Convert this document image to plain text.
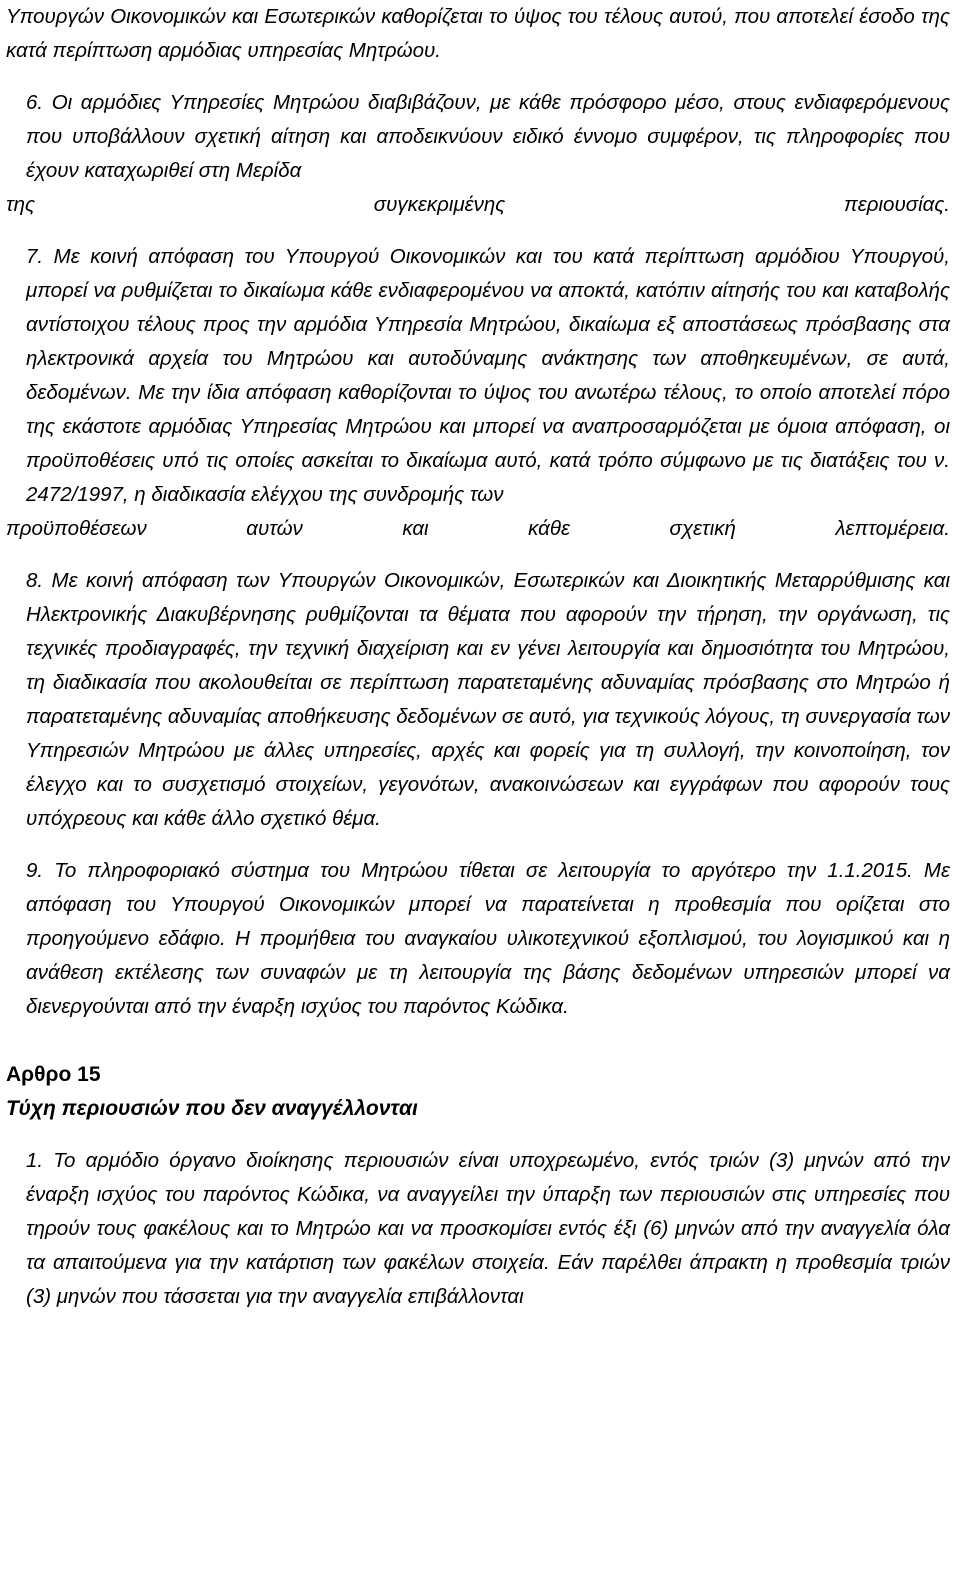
Υπουργών Οικονομικών και Εσωτερικών καθορίζεται το ύψος του τέλους αυτού, που αποτελεί έσοδο της κατά περίπτωση αρμόδιας υπηρεσίας Μητρώου.

6. Οι αρμόδιες Υπηρεσίες Μητρώου διαβιβάζουν, με κάθε πρόσφορο μέσο, στους ενδιαφερόμενους που υποβάλλουν σχετική αίτηση και αποδεικνύουν ειδικό έννομο συμφέρον, τις πληροφορίες που έχουν καταχωριθεί στη Μερίδα

της συγκεκριμένης περιουσίας.

7. Με κοινή απόφαση του Υπουργού Οικονομικών και του κατά περίπτωση αρμόδιου Υπουργού, μπορεί να ρυθμίζεται το δικαίωμα κάθε ενδιαφερομένου να αποκτά, κατόπιν αίτησής του και καταβολής αντίστοιχου τέλους προς την αρμόδια Υπηρεσία Μητρώου, δικαίωμα εξ αποστάσεως πρόσβασης στα ηλεκτρονικά αρχεία του Μητρώου και αυτοδύναμης ανάκτησης των αποθηκευμένων, σε αυτά, δεδομένων. Με την ίδια απόφαση καθορίζονται το ύψος του ανωτέρω τέλους, το οποίο αποτελεί πόρο της εκάστοτε αρμόδιας Υπηρεσίας Μητρώου και μπορεί να αναπροσαρμόζεται με όμοια απόφαση, οι προϋποθέσεις υπό τις οποίες ασκείται το δικαίωμα αυτό, κατά τρόπο σύμφωνο με τις διατάξεις του ν. 2472/1997, η διαδικασία ελέγχου της συνδρομής των

προϋποθέσεων αυτών και κάθε σχετική λεπτομέρεια.

8. Με κοινή απόφαση των Υπουργών Οικονομικών, Εσωτερικών και Διοικητικής Μεταρρύθμισης και Ηλεκτρονικής Διακυβέρνησης ρυθμίζονται τα θέματα που αφορούν την τήρηση, την οργάνωση, τις τεχνικές προδιαγραφές, την τεχνική διαχείριση και εν γένει λειτουργία και δημοσιότητα του Μητρώου, τη διαδικασία που ακολουθείται σε περίπτωση παρατεταμένης αδυναμίας πρόσβασης στο Μητρώο ή παρατεταμένης αδυναμίας αποθήκευσης δεδομένων σε αυτό, για τεχνικούς λόγους, τη συνεργασία των Υπηρεσιών Μητρώου με άλλες υπηρεσίες, αρχές και φορείς για τη συλλογή, την κοινοποίηση, τον έλεγχο και το συσχετισμό στοιχείων, γεγονότων, ανακοινώσεων και εγγράφων που αφορούν τους υπόχρεους και κάθε άλλο σχετικό θέμα.

9. Το πληροφοριακό σύστημα του Μητρώου τίθεται σε λειτουργία το αργότερο την 1.1.2015. Με απόφαση του Υπουργού Οικονομικών μπορεί να παρατείνεται η προθεσμία που ορίζεται στο προηγούμενο εδάφιο. Η προμήθεια του αναγκαίου υλικοτεχνικού εξοπλισμού, του λογισμικού και η ανάθεση εκτέλεσης των συναφών με τη λειτουργία της βάσης δεδομένων υπηρεσιών μπορεί να διενεργούνται από την έναρξη ισχύος του παρόντος Κώδικα.

Αρθρο 15
Τύχη περιουσιών που δεν αναγγέλλονται

1. Το αρμόδιο όργανο διοίκησης περιουσιών είναι υποχρεωμένο, εντός τριών (3) μηνών από την έναρξη ισχύος του παρόντος Κώδικα, να αναγγείλει την ύπαρξη των περιουσιών στις υπηρεσίες που τηρούν τους φακέλους και το Μητρώο και να προσκομίσει εντός έξι (6) μηνών από την αναγγελία όλα τα απαιτούμενα για την κατάρτιση των φακέλων στοιχεία. Εάν παρέλθει άπρακτη η προθεσμία τριών (3) μηνών που τάσσεται για την αναγγελία επιβάλλονται
